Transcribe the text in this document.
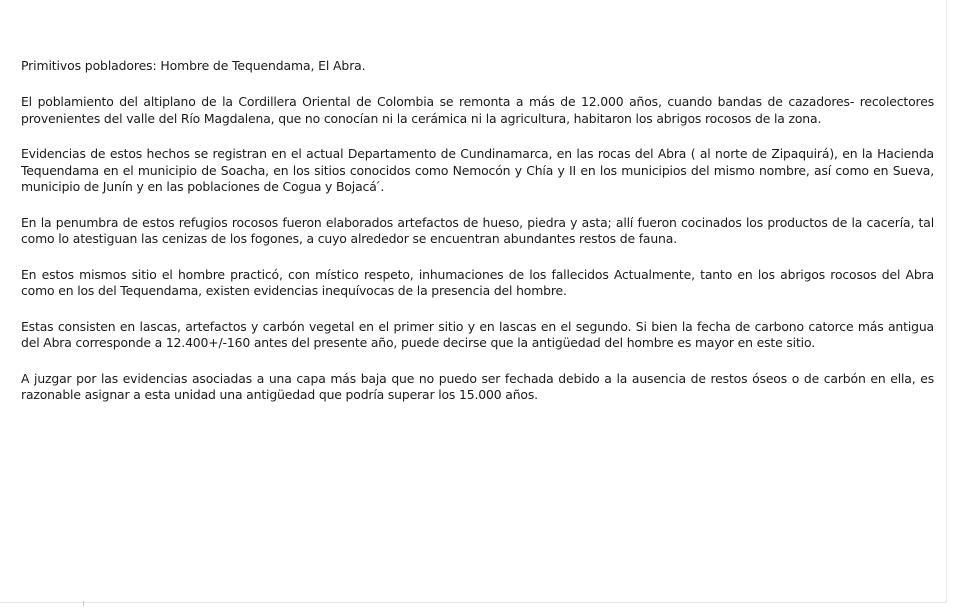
Primitivos pobladores: Hombre de Tequendama, El Abra.

El poblamiento del altiplano de la Cordillera Oriental de Colombia se remonta a más de 12.000 años, cuando bandas de cazadores- recolectores provenientes del valle del Río Magdalena, que no conocían ni la cerámica ni la agricultura, habitaron los abrigos rocosos de la zona.

Evidencias de estos hechos se registran en el actual Departamento de Cundinamarca, en las rocas del Abra ( al norte de Zipaquirá), en la Hacienda Tequendama en el municipio de Soacha, en los sitios conocidos como Nemocón y Chía y II en los municipios del mismo nombre, así como en Sueva, municipio de Junín y en las poblaciones de Cogua y Bojacá ́.

En la penumbra de estos refugios rocosos fueron elaborados artefactos de hueso, piedra y asta; allí fueron cocinados los productos de la cacería, tal como lo atestiguan las cenizas de los fogones, a cuyo alrededor se encuentran abundantes restos de fauna.

En estos mismos sitio el hombre practicó, con místico respeto, inhumaciones de los fallecidos Actualmente, tanto en los abrigos rocosos del Abra como en los del Tequendama, existen evidencias inequívocas de la presencia del hombre.

Estas consisten en lascas, artefactos y carbón vegetal en el primer sitio y en lascas en el segundo. Si bien la fecha de carbono catorce más antigua del Abra corresponde a 12.400+/-160 antes del presente año, puede decirse que la antigüedad del hombre es mayor en este sitio.

A juzgar por las evidencias asociadas a una capa más baja que no puedo ser fechada debido a la ausencia de restos óseos o de carbón en ella, es razonable asignar a esta unidad una antigüedad que podría superar los 15.000 años.
